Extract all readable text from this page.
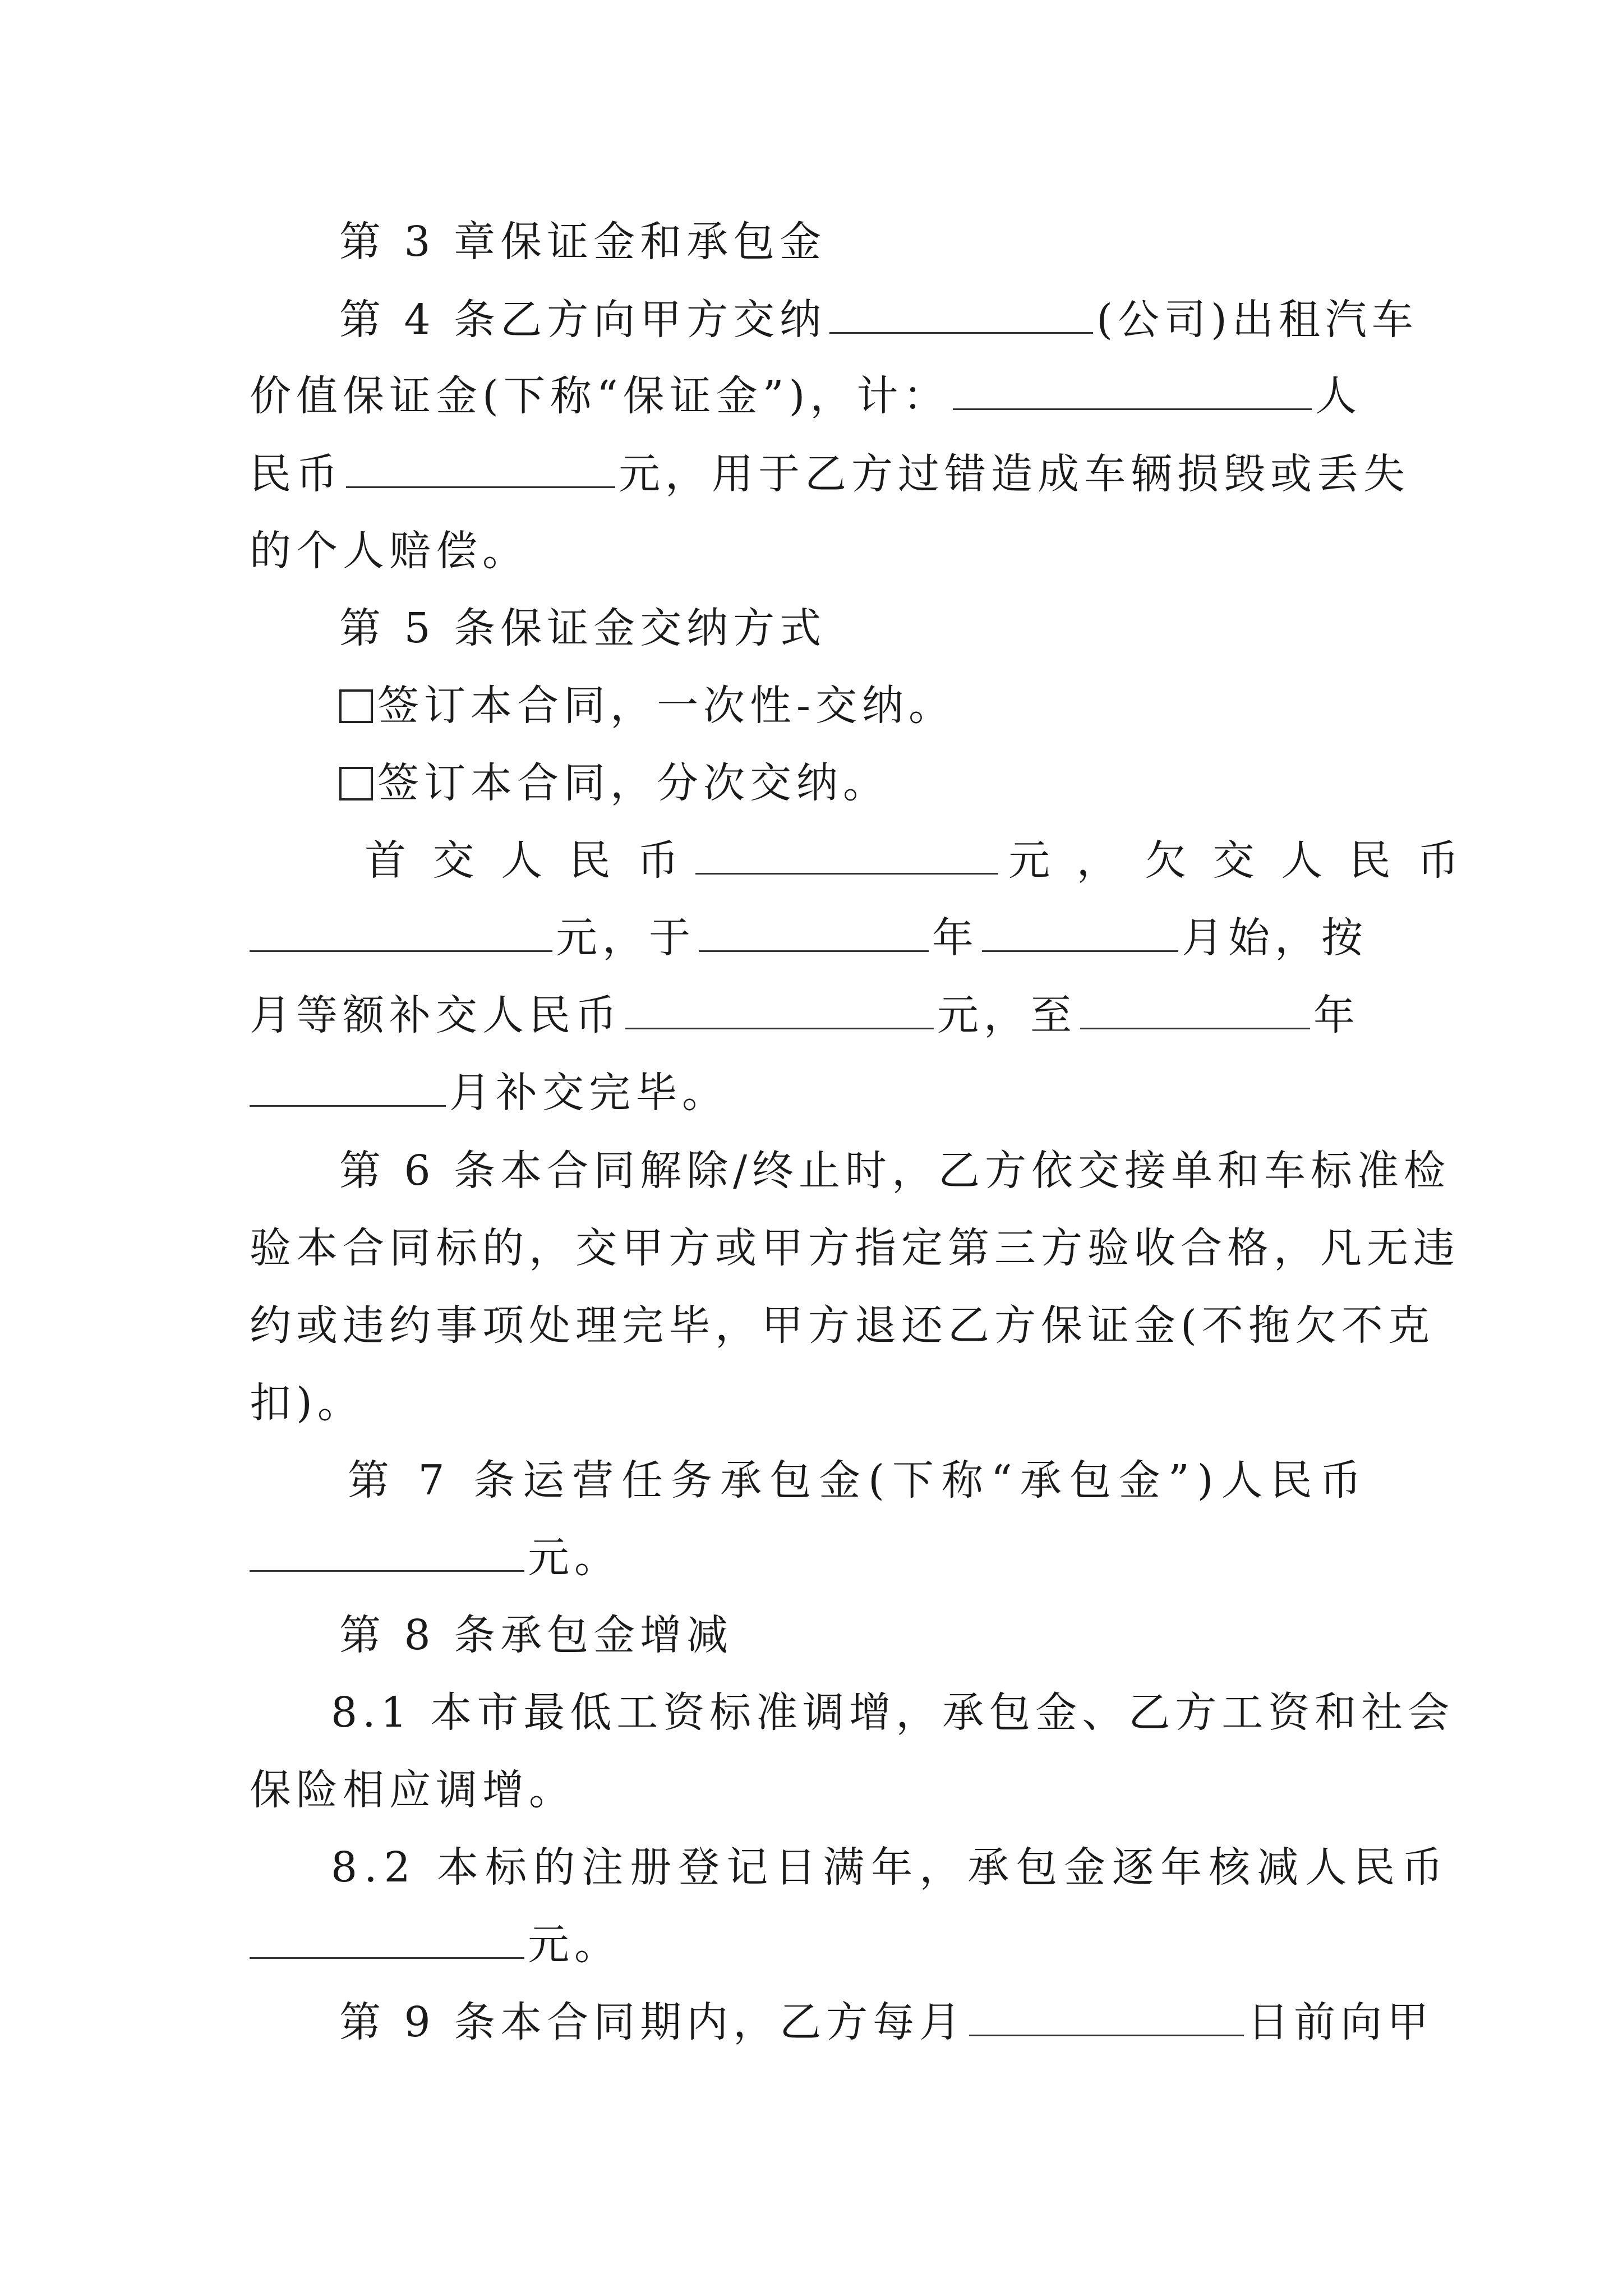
第 3 章保证金和承包金
第 4 条乙方向甲方交纳	(公司)出租汽车
价值保证金(下称“保证金”)，计：	人
民币	元，用于乙方过错造成车辆损毁或丢失
的个人赔偿。
第 5 条保证金交纳方式
签订本合同，一次性-交纳。
签订本合同，分次交纳。
首 交 人 民 币	元 ， 欠 交 人 民 币
元，于	年	月始，按
月等额补交人民币	元，至	年
月补交完毕。
第 6 条本合同解除/终止时，乙方依交接单和车标准检
验本合同标的，交甲方或甲方指定第三方验收合格，凡无违
约或违约事项处理完毕，甲方退还乙方保证金(不拖欠不克
扣)。
第 7 条运营任务承包金(下称“承包金”)人民币
元。
第 8 条承包金增减
8.1 本市最低工资标准调增，承包金、乙方工资和社会
保险相应调增。
8.2 本标的注册登记日满年，承包金逐年核减人民币
元。
第 9 条本合同期内，乙方每月	日前向甲
